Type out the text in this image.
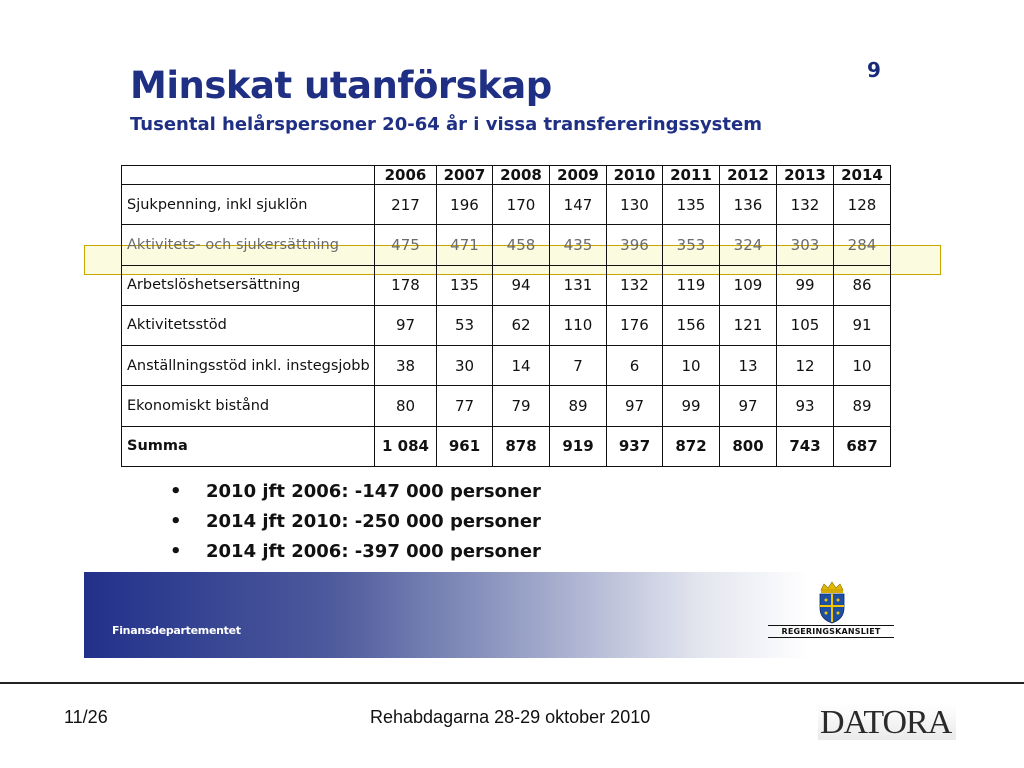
Minskat utanförskap	9
Tusental helårspersoner 20-64 år i vissa transfereringssystem
	2006	2007	2008	2009	2010	2011	2012	2013	2014
Sjukpenning, inkl sjuklön	217	196	170	147	130	135	136	132	128
Aktivitets- och sjukersättning	475	471	458	435	396	353	324	303	284
Arbetslöshetsersättning	178	135	94	131	132	119	109	99	86
Aktivitetsstöd	97	53	62	110	176	156	121	105	91
Anställningsstöd inkl. instegsjobb	38	30	14	7	6	10	13	12	10
Ekonomiskt bistånd	80	77	79	89	97	99	97	93	89
Summa	1 084	961	878	919	937	872	800	743	687
• 2010 jft 2006: -147 000 personer
• 2014 jft 2010: -250 000 personer
• 2014 jft 2006: -397 000 personer
Finansdepartementet	REGERINGSKANSLIET
11/26	Rehabdagarna 28-29 oktober 2010	DATORA
